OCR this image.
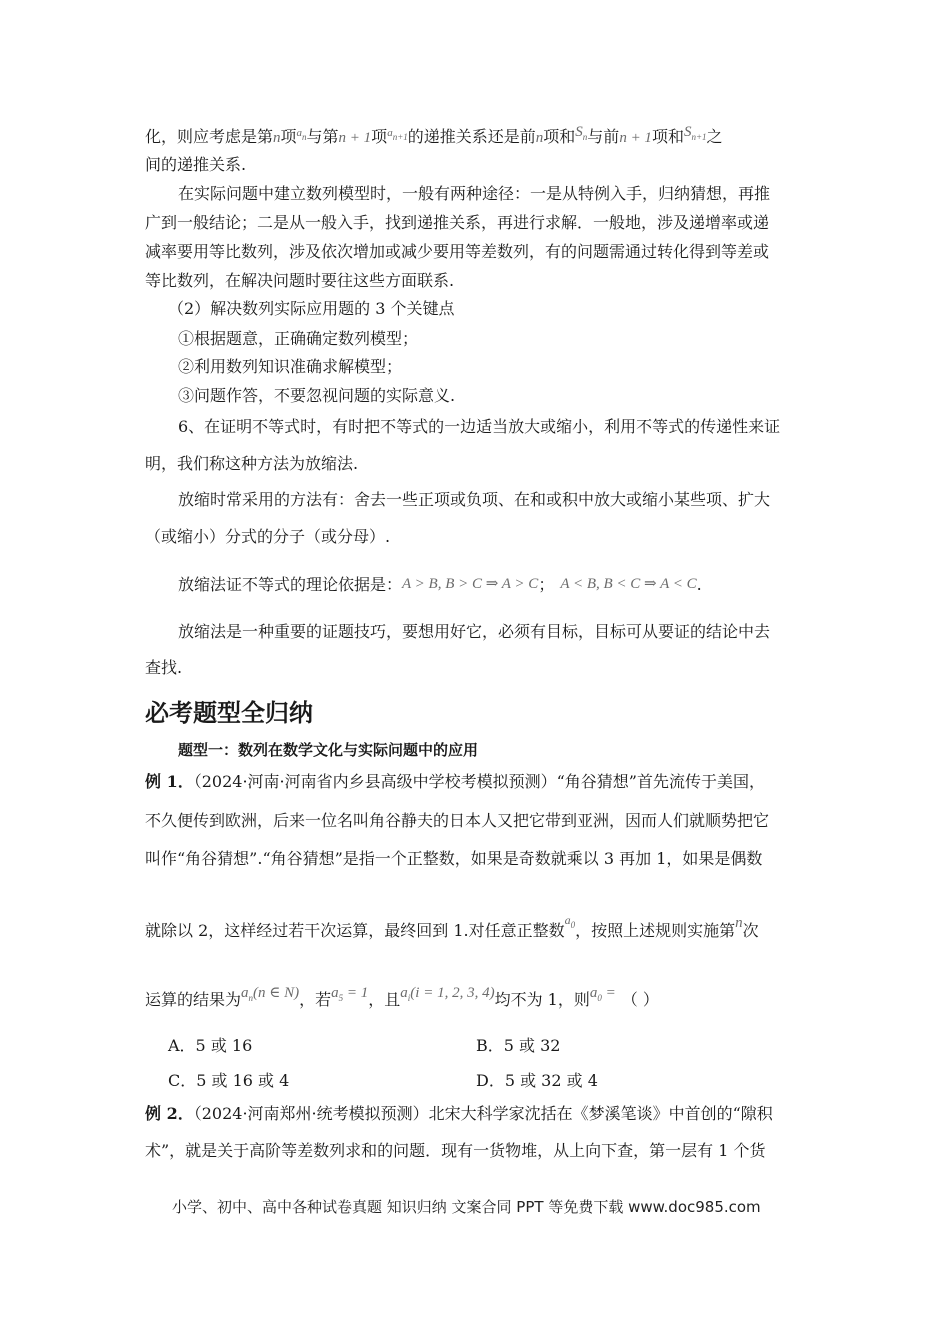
化，则应考虑是第n项$^{a_n}$与第n + 1项$^{a_{n+1}}$的递推关系还是前n项和$S_n$与前n + 1项和$S_{n+1}$之
间的递推关系.
在实际问题中建立数列模型时，一般有两种途径：一是从特例入手，归纳猜想，再推
广到一般结论；二是从一般入手，找到递推关系，再进行求解．一般地，涉及递增率或递
减率要用等比数列，涉及依次增加或减少要用等差数列，有的问题需通过转化得到等差或
等比数列，在解决问题时要往这些方面联系.
（2）解决数列实际应用题的 3 个关键点
①根据题意，正确确定数列模型；
②利用数列知识准确求解模型；
③问题作答，不要忽视问题的实际意义.
6、在证明不等式时，有时把不等式的一边适当放大或缩小，利用不等式的传递性来证
明，我们称这种方法为放缩法.
放缩时常采用的方法有：舍去一些正项或负项、在和或积中放大或缩小某些项、扩大
（或缩小）分式的分子（或分母）.
放缩法证不等式的理论依据是：A > B, B > C ⇒ A > C； A < B, B < C ⇒ A < C.
放缩法是一种重要的证题技巧，要想用好它，必须有目标，目标可从要证的结论中去
查找.
必考题型全归纳
题型一：数列在数学文化与实际问题中的应用
例 1．（2024·河南·河南省内乡县高级中学校考模拟预测）“角谷猜想”首先流传于美国，
不久便传到欧洲，后来一位名叫角谷静夫的日本人又把它带到亚洲，因而人们就顺势把它
叫作“角谷猜想”.“角谷猜想”是指一个正整数，如果是奇数就乘以 3 再加 1，如果是偶数
就除以 2，这样经过若干次运算，最终回到 1.对任意正整数$^{a_0}$，按照上述规则实施第n次
运算的结果为$a_n(n$ ∈ N)，若$a_5 = 1$，且$a_i(i = 1$, 2, 3, 4)均不为 1，则$a_0$ = （ ）
A．5 或 16	B．5 或 32
C．5 或 16 或 4	D．5 或 32 或 4
例 2．（2024·河南郑州·统考模拟预测）北宋大科学家沈括在《梦溪笔谈》中首创的“隙积
术”，就是关于高阶等差数列求和的问题．现有一货物堆，从上向下查，第一层有 1 个货
小学、初中、高中各种试卷真题 知识归纳 文案合同 PPT 等免费下载 www.doc985.com
